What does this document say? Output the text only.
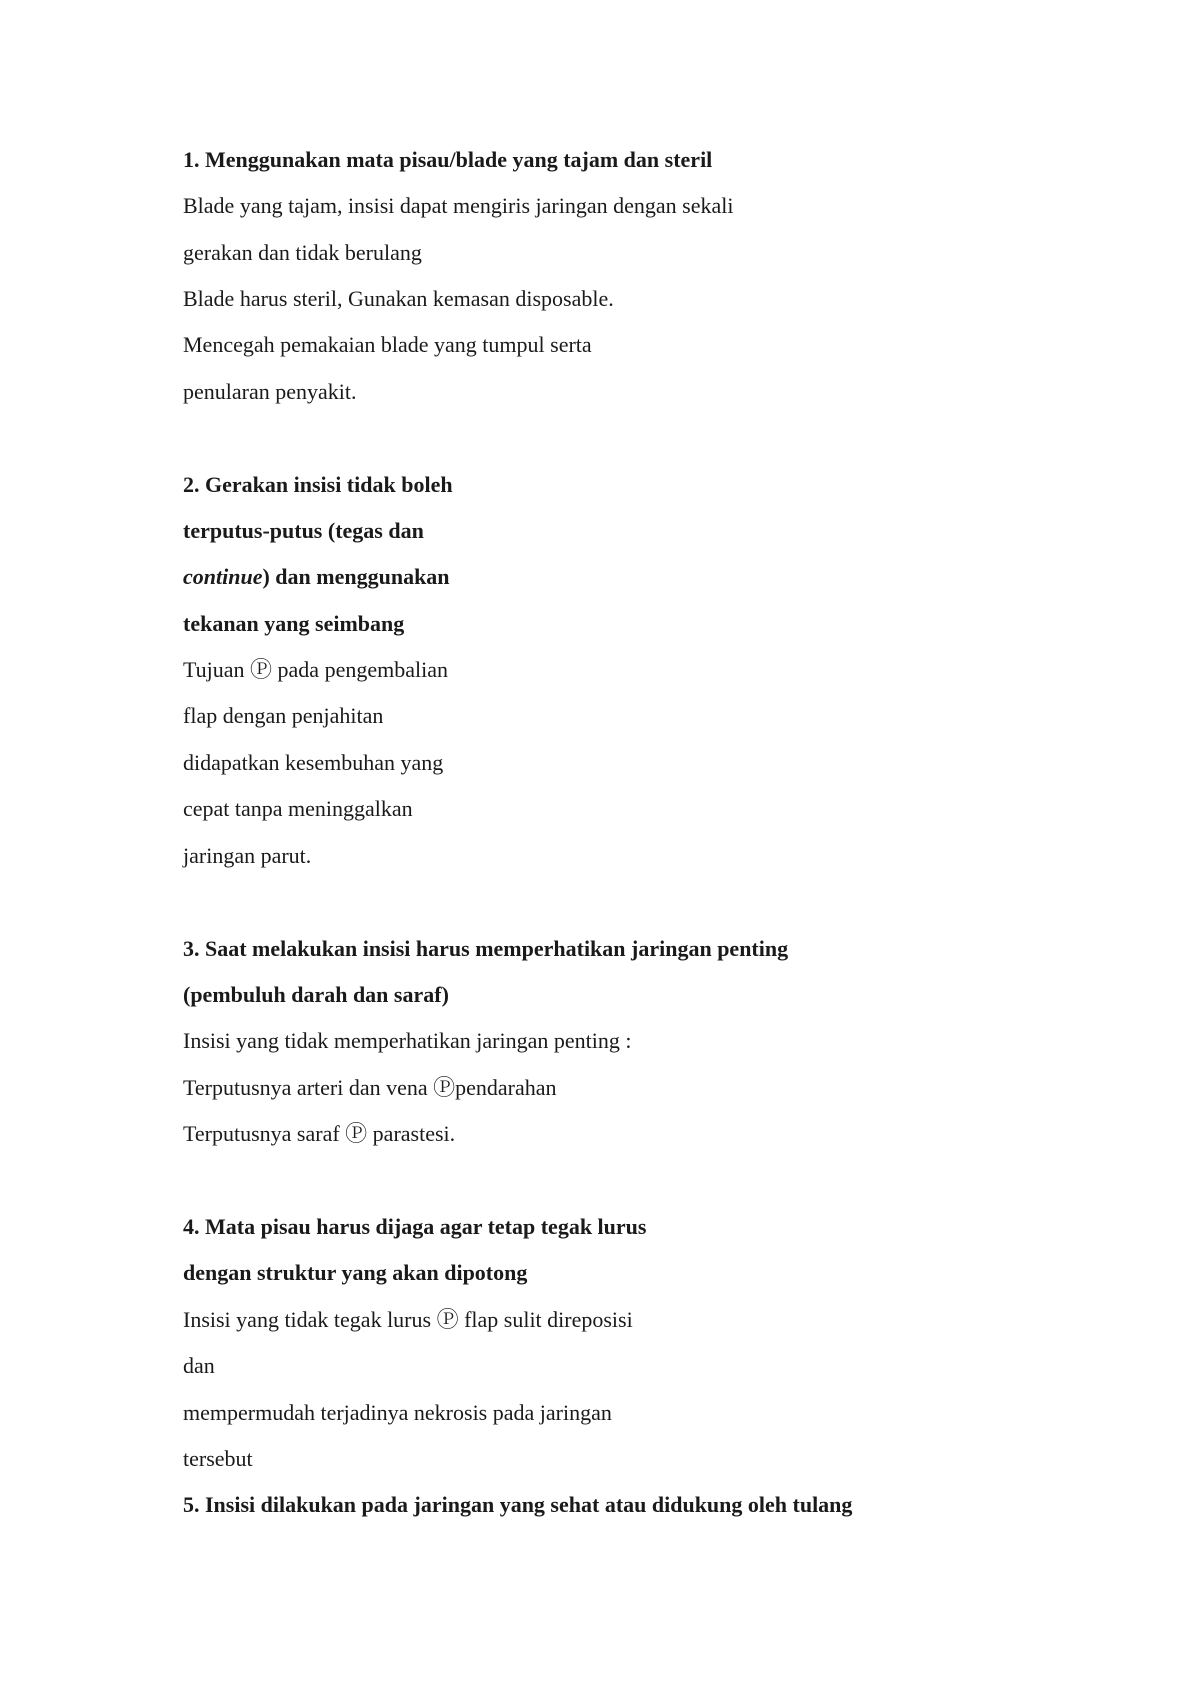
1. Menggunakan mata pisau/blade yang tajam dan steril

Blade yang tajam, insisi dapat mengiris jaringan dengan sekali

gerakan dan tidak berulang

Blade harus steril, Gunakan kemasan disposable.

Mencegah pemakaian blade yang tumpul serta

penularan penyakit.

2. Gerakan insisi tidak boleh

terputus-putus (tegas dan

continue) dan menggunakan

tekanan yang seimbang

Tujuan Ⓟ pada pengembalian

flap dengan penjahitan

didapatkan kesembuhan yang

cepat tanpa meninggalkan

jaringan parut.

3. Saat melakukan insisi harus memperhatikan jaringan penting

(pembuluh darah dan saraf)

Insisi yang tidak memperhatikan jaringan penting :

Terputusnya arteri dan vena Ⓟpendarahan

Terputusnya saraf Ⓟ parastesi.

4. Mata pisau harus dijaga agar tetap tegak lurus

dengan struktur yang akan dipotong

Insisi yang tidak tegak lurus Ⓟ flap sulit direposisi

dan

mempermudah terjadinya nekrosis pada jaringan

tersebut

5. Insisi dilakukan pada jaringan yang sehat atau didukung oleh tulang
